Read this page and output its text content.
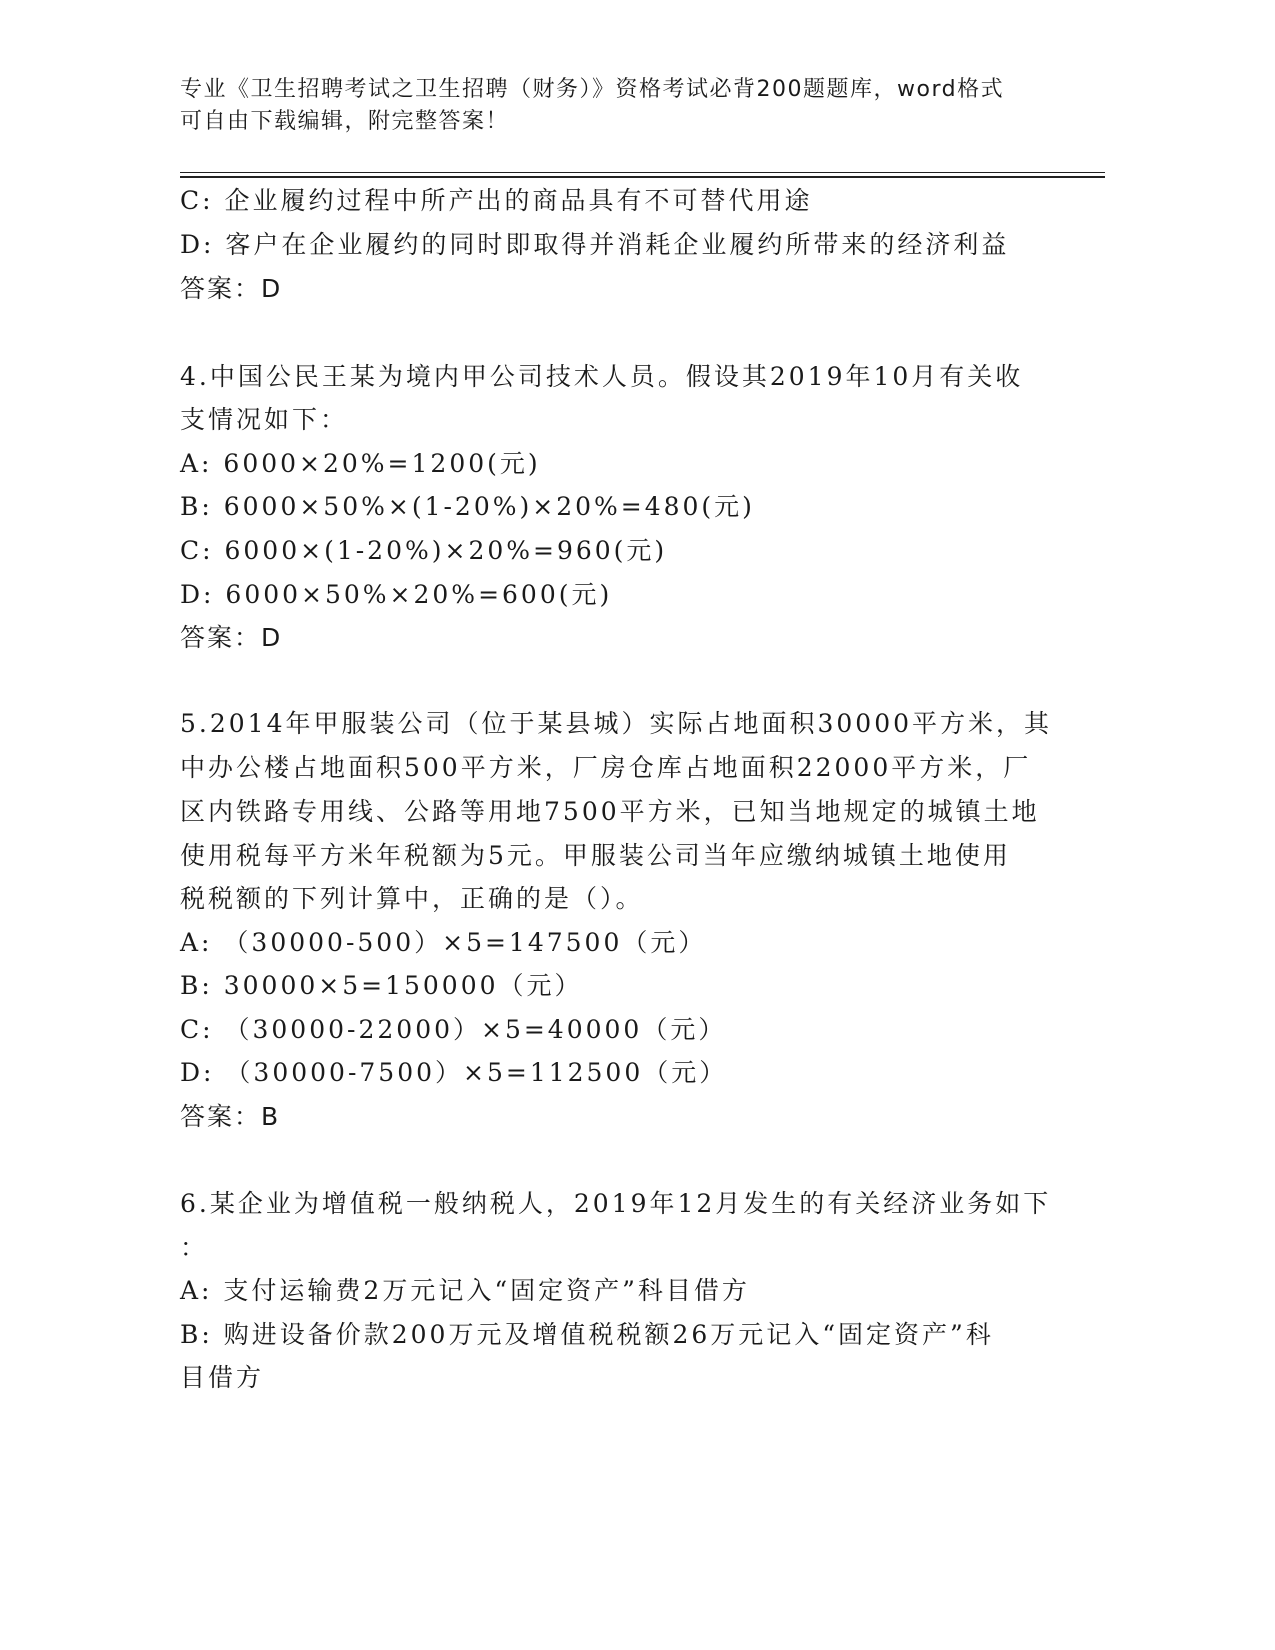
专业《卫生招聘考试之卫生招聘（财务）》资格考试必背200题题库，word格式
可自由下载编辑，附完整答案！
C: 企业履约过程中所产出的商品具有不可替代用途
D: 客户在企业履约的同时即取得并消耗企业履约所带来的经济利益
答案：D
4.中国公民王某为境内甲公司技术人员。假设其2019年10月有关收
支情况如下：
A: 6000×20%=1200(元)
B: 6000×50%×(1-20%)×20%=480(元)
C: 6000×(1-20%)×20%=960(元)
D: 6000×50%×20%=600(元)
答案：D
5.2014年甲服装公司（位于某县城）实际占地面积30000平方米，其
中办公楼占地面积500平方米，厂房仓库占地面积22000平方米，厂
区内铁路专用线、公路等用地7500平方米，已知当地规定的城镇土地
使用税每平方米年税额为5元。甲服装公司当年应缴纳城镇土地使用
税税额的下列计算中，正确的是（）。
A: （30000-500）×5=147500（元）
B: 30000×5=150000（元）
C: （30000-22000）×5=40000（元）
D: （30000-7500）×5=112500（元）
答案：B
6.某企业为增值税一般纳税人，2019年12月发生的有关经济业务如下
：
A: 支付运输费2万元记入“固定资产”科目借方
B: 购进设备价款200万元及增值税税额26万元记入“固定资产”科
目借方
